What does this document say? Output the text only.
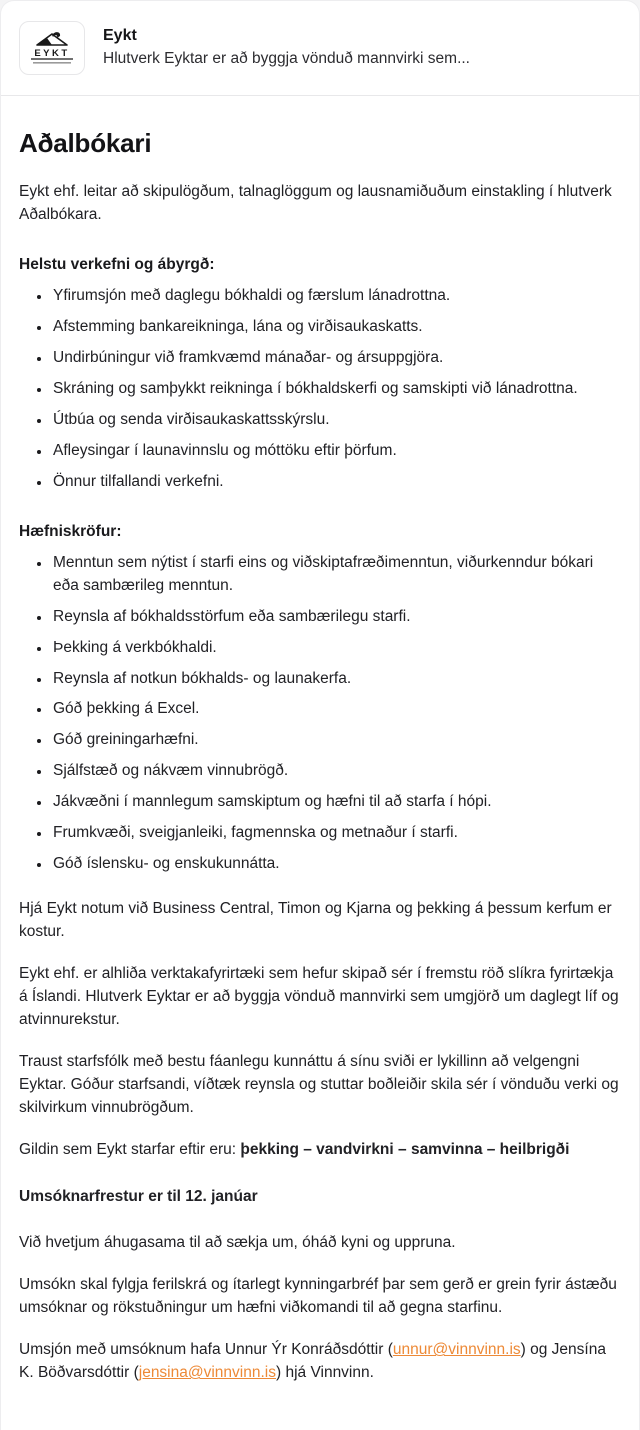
EYKT
Eykt
Hlutverk Eyktar er að byggja vönduð mannvirki sem...
Aðalbókari

Eykt ehf. leitar að skipulögðum, talnaglöggum og lausnamiðuðum einstakling í hlutverk Aðalbókara.

Helstu verkefni og ábyrgð:
• Yfirumsjón með daglegu bókhaldi og færslum lánadrottna.
• Afstemming bankareikninga, lána og virðisaukaskatts.
• Undirbúningur við framkvæmd mánaðar- og ársuppgjöra.
• Skráning og samþykkt reikninga í bókhaldskerfi og samskipti við lánadrottna.
• Útbúa og senda virðisaukaskattsskýrslu.
• Afleysingar í launavinnslu og móttöku eftir þörfum.
• Önnur tilfallandi verkefni.
Hæfniskröfur:
• Menntun sem nýtist í starfi eins og viðskiptafræðimenntun, viðurkenndur bókari eða sambærileg menntun.
• Reynsla af bókhaldsstörfum eða sambærilegu starfi.
• Þekking á verkbókhaldi.
• Reynsla af notkun bókhalds- og launakerfa.
• Góð þekking á Excel.
• Góð greiningarhæfni.
• Sjálfstæð og nákvæm vinnubrögð.
• Jákvæðni í mannlegum samskiptum og hæfni til að starfa í hópi.
• Frumkvæði, sveigjanleiki, fagmennska og metnaður í starfi.
• Góð íslensku- og enskukunnátta.

Hjá Eykt notum við Business Central, Timon og Kjarna og þekking á þessum kerfum er kostur.

Eykt ehf. er alhliða verktakafyrirtæki sem hefur skipað sér í fremstu röð slíkra fyrirtækja á Íslandi. Hlutverk Eyktar er að byggja vönduð mannvirki sem umgjörð um daglegt líf og atvinnurekstur.

Traust starfsfólk með bestu fáanlegu kunnáttu á sínu sviði er lykillinn að velgengni Eyktar. Góður starfsandi, víðtæk reynsla og stuttar boðleiðir skila sér í vönduðu verki og skilvirkum vinnubrögðum.

Gildin sem Eykt starfar eftir eru: þekking – vandvirkni – samvinna – heilbrigði

Umsóknarfrestur er til 12. janúar

Við hvetjum áhugasama til að sækja um, óháð kyni og uppruna.

Umsókn skal fylgja ferilskrá og ítarlegt kynningarbréf þar sem gerð er grein fyrir ástæðu umsóknar og rökstuðningur um hæfni viðkomandi til að gegna starfinu.

Umsjón með umsóknum hafa Unnur Ýr Konráðsdóttir (unnur@vinnvinn.is) og Jensína K. Böðvarsdóttir (jensina@vinnvinn.is) hjá Vinnvinn.
